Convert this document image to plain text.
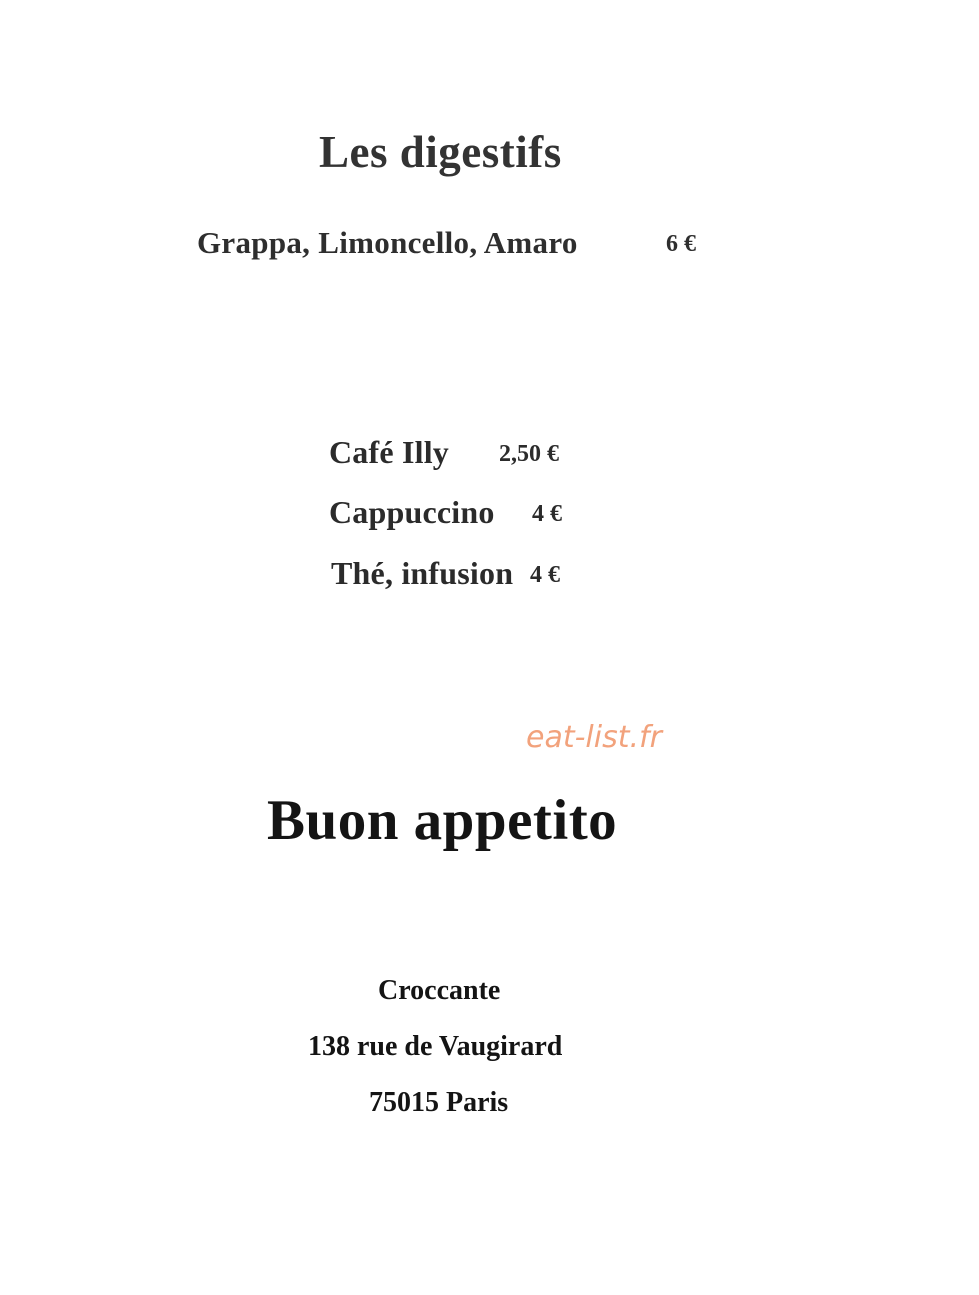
Les digestifs
Grappa, Limoncello, Amaro	6 €
Café Illy 2,50 €
Cappuccino 4 €
Thé, infusion 4 €
eat-list.fr
Buon appetito
Croccante
138 rue de Vaugirard
75015 Paris
